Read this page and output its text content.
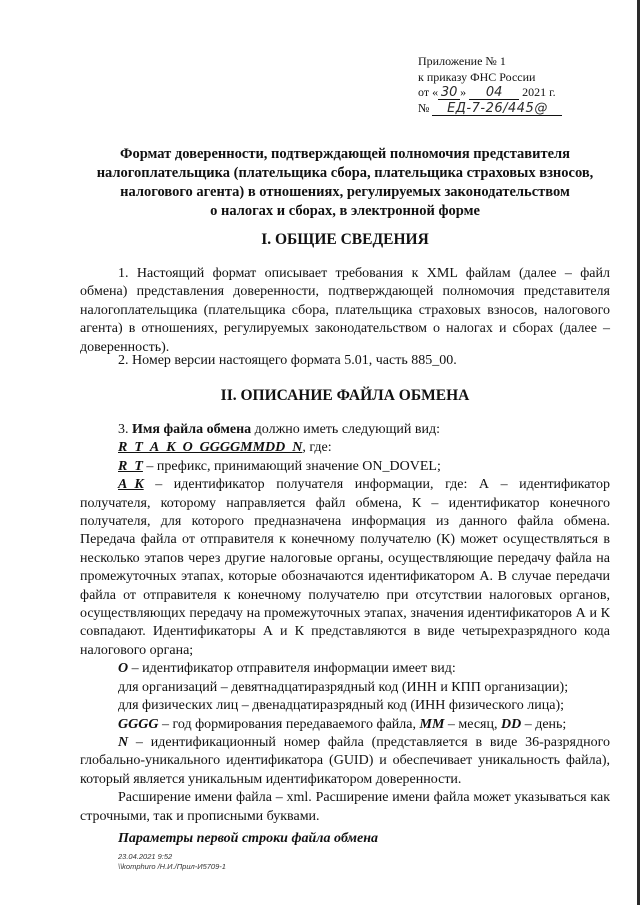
Приложение № 1
к приказу ФНС России
от « 30 » 04 2021 г.
№ ЕД-7-26/445@
Формат доверенности, подтверждающей полномочия представителя
налогоплательщика (плательщика сбора, плательщика страховых взносов,
налогового агента) в отношениях, регулируемых законодательством
о налогах и сборах, в электронной форме
I. ОБЩИЕ СВЕДЕНИЯ
1. Настоящий формат описывает требования к XML файлам (далее – файл обмена) представления доверенности, подтверждающей полномочия представителя налогоплательщика (плательщика сбора, плательщика страховых взносов, налогового агента) в отношениях, регулируемых законодательством о налогах и сборах (далее – доверенность).
2. Номер версии настоящего формата 5.01, часть 885_00.
II. ОПИСАНИЕ ФАЙЛА ОБМЕНА
3. Имя файла обмена должно иметь следующий вид:
R_T_A_K_O_GGGGMMDD_N, где:
R_T – префикс, принимающий значение ON_DOVEL;
A_K – идентификатор получателя информации, где: А – идентификатор получателя, которому направляется файл обмена, К – идентификатор конечного получателя, для которого предназначена информация из данного файла обмена. Передача файла от отправителя к конечному получателю (К) может осуществляться в несколько этапов через другие налоговые органы, осуществляющие передачу файла на промежуточных этапах, которые обозначаются идентификатором А. В случае передачи файла от отправителя к конечному получателю при отсутствии налоговых органов, осуществляющих передачу на промежуточных этапах, значения идентификаторов А и К совпадают. Идентификаторы А и К представляются в виде четырехразрядного кода налогового органа;
O – идентификатор отправителя информации имеет вид:
для организаций – девятнадцатиразрядный код (ИНН и КПП организации);
для физических лиц – двенадцатиразрядный код (ИНН физического лица);
GGGG – год формирования передаваемого файла, MM – месяц, DD – день;
N – идентификационный номер файла (представляется в виде 36-разрядного глобально-уникального идентификатора (GUID) и обеспечивает уникальность файла), который является уникальным идентификатором доверенности.
Расширение имени файла – xml. Расширение имени файла может указываться как строчными, так и прописными буквами.
Параметры первой строки файла обмена
23.04.2021 9:52
\\komphuro /Н.И./Прил-И5709-1
